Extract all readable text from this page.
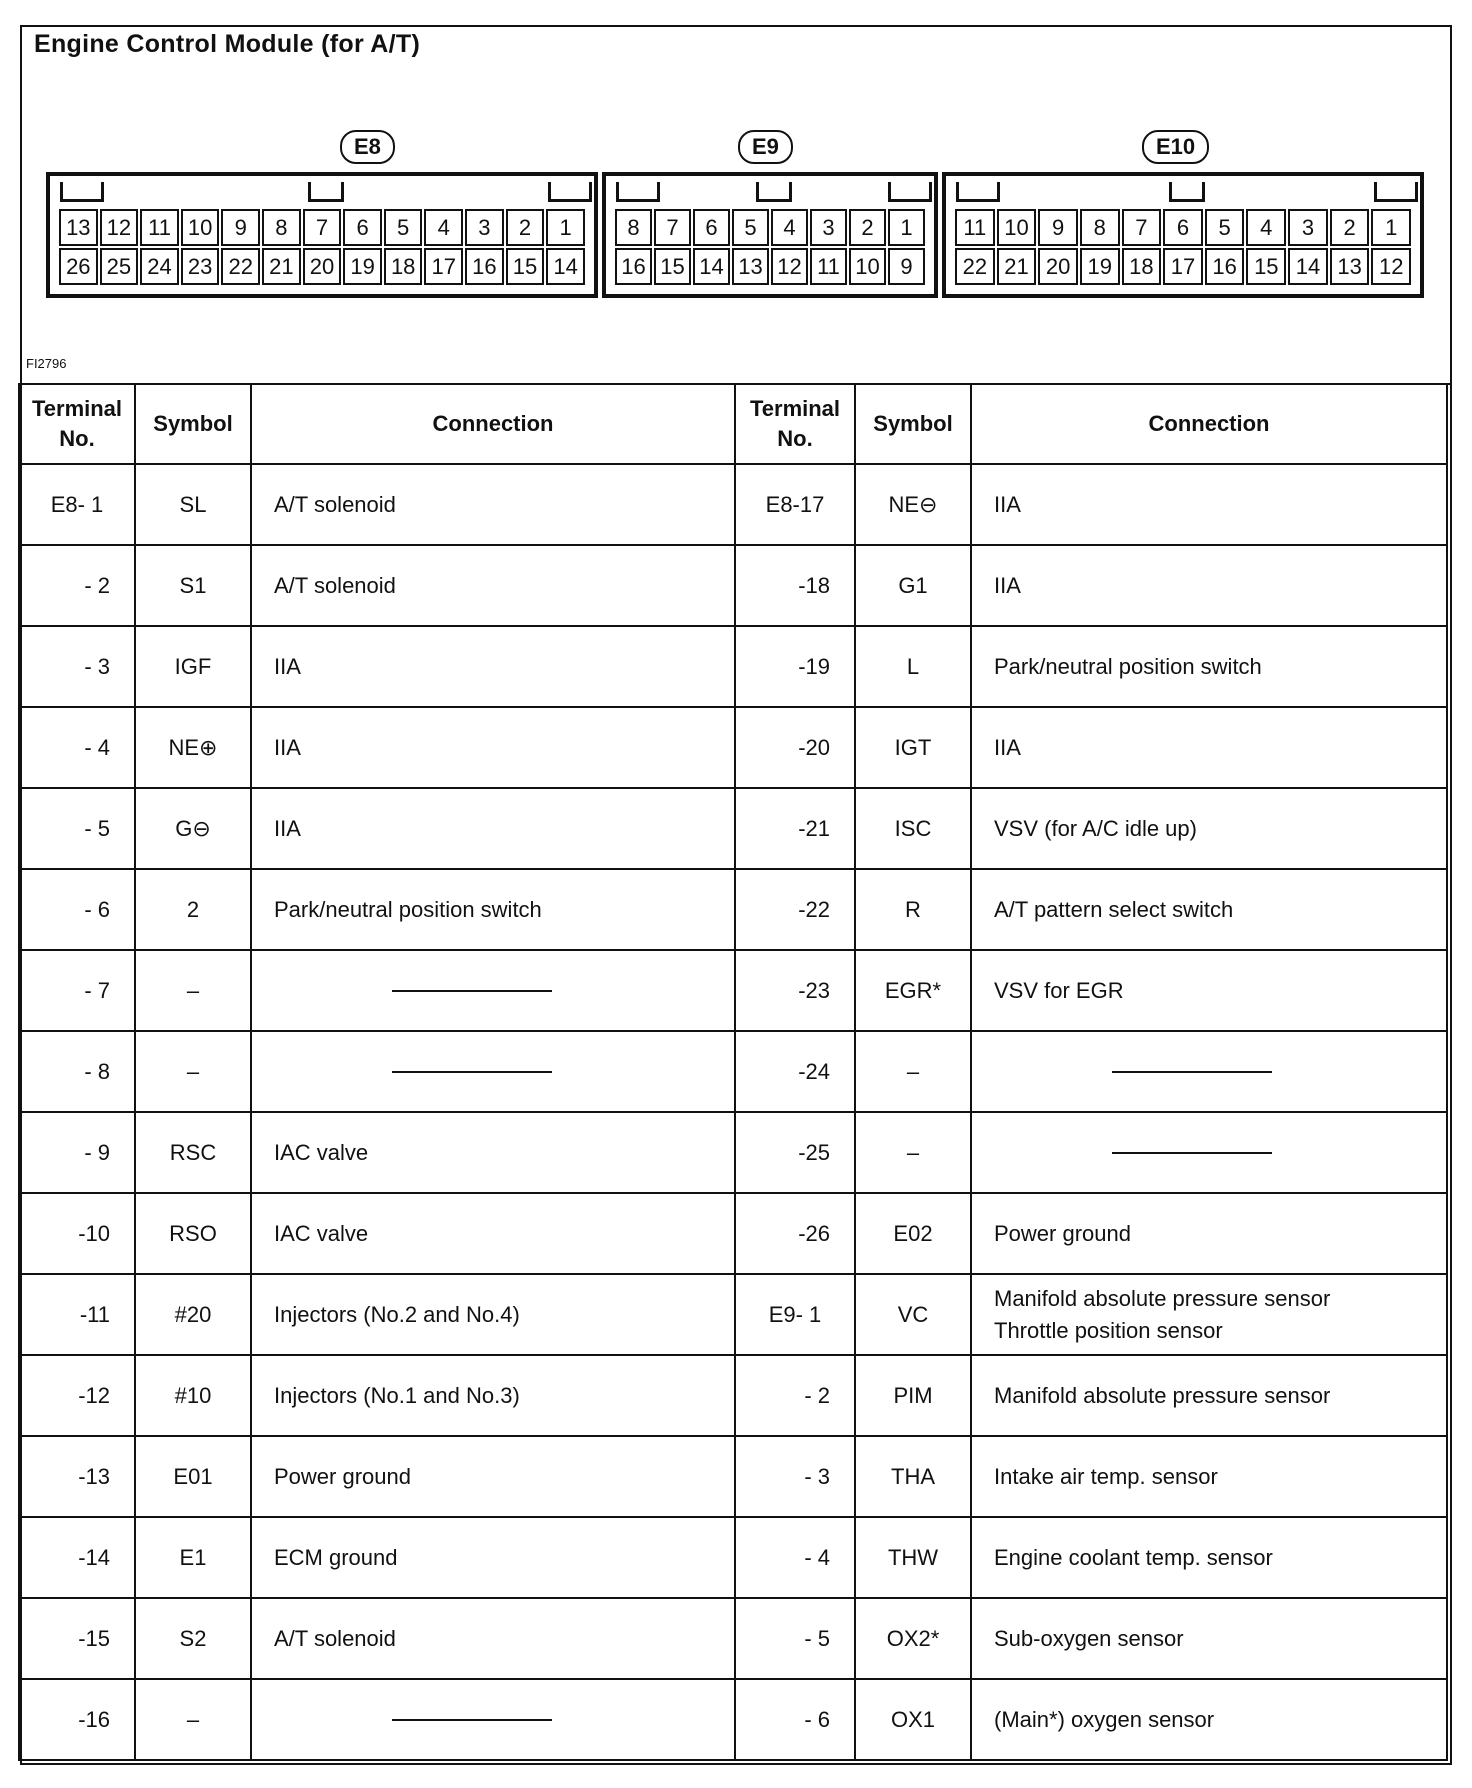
Engine Control Module (for A/T)
E8
13 12 11 10	9	8	7	6	5	4	3	2	1
26 25 24 23 22 21 20 19 18 17 16 15 14
E9
8	7	6	5	4	3	2	1
16 15 14 13 12 11 10 9
E10
11 10	9	8	7	6	5	4	3	2	1
22 21 20 19 18 17 16 15 14 13 12
FI2796
Terminal No.	Symbol	Connection
E8- 1	SL	A/T solenoid
- 2	S1	A/T solenoid
- 3	IGF	IIA
- 4	NE⊕	IIA
- 5	G⊖	IIA
- 6	2	Park/neutral position switch
- 7	–	

- 8	–	

- 9	RSC	IAC valve
-10	RSO	IAC valve
-11	#20	Injectors (No.2 and No.4)
-12	#10	Injectors (No.1 and No.3)
-13	E01	Power ground
-14	E1	ECM ground
-15	S2	A/T solenoid
-16	–	
Terminal No.	Symbol	Connection
E8-17	NE⊖	IIA
-18	G1	IIA
-19	L	Park/neutral position switch
-20	IGT	IIA
-21	ISC	VSV (for A/C idle up)
-22	R	A/T pattern select switch
-23	EGR*	VSV for EGR
-24	–	

-25	–	

-26	E02	Power ground
E9- 1	VC	Manifold absolute pressure sensor
Throttle position sensor
- 2	PIM	Manifold absolute pressure sensor
- 3	THA	Intake air temp. sensor
- 4	THW	Engine coolant temp. sensor
- 5	OX2*	Sub-oxygen sensor
- 6	OX1	(Main*) oxygen sensor
